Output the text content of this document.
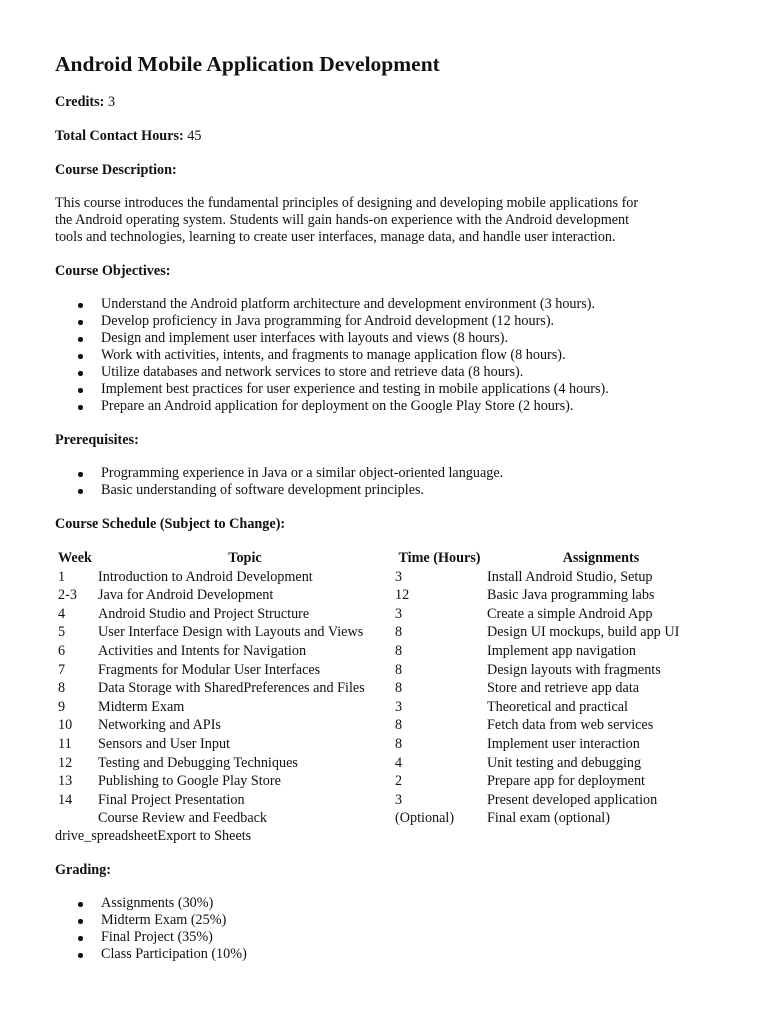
Android Mobile Application Development
Credits: 3
Total Contact Hours: 45
Course Description:
This course introduces the fundamental principles of designing and developing mobile applications for
the Android operating system. Students will gain hands-on experience with the Android development
tools and technologies, learning to create user interfaces, manage data, and handle user interaction.
Course Objectives:
Understand the Android platform architecture and development environment (3 hours).
Develop proficiency in Java programming for Android development (12 hours).
Design and implement user interfaces with layouts and views (8 hours).
Work with activities, intents, and fragments to manage application flow (8 hours).
Utilize databases and network services to store and retrieve data (8 hours).
Implement best practices for user experience and testing in mobile applications (4 hours).
Prepare an Android application for deployment on the Google Play Store (2 hours).
Prerequisites:
Programming experience in Java or a similar object-oriented language.
Basic understanding of software development principles.
Course Schedule (Subject to Change):
Week	Topic	Time (Hours)	Assignments
1	Introduction to Android Development	3	Install Android Studio, Setup
2-3	Java for Android Development	12	Basic Java programming labs
4	Android Studio and Project Structure	3	Create a simple Android App
5	User Interface Design with Layouts and Views	8	Design UI mockups, build app UI
6	Activities and Intents for Navigation	8	Implement app navigation
7	Fragments for Modular User Interfaces	8	Design layouts with fragments
8	Data Storage with SharedPreferences and Files	8	Store and retrieve app data
9	Midterm Exam	3	Theoretical and practical
10	Networking and APIs	8	Fetch data from web services
11	Sensors and User Input	8	Implement user interaction
12	Testing and Debugging Techniques	4	Unit testing and debugging
13	Publishing to Google Play Store	2	Prepare app for deployment
14	Final Project Presentation	3	Present developed application
	Course Review and Feedback	(Optional)	Final exam (optional)
drive_spreadsheetExport to Sheets
Grading:
Assignments (30%)
Midterm Exam (25%)
Final Project (35%)
Class Participation (10%)
